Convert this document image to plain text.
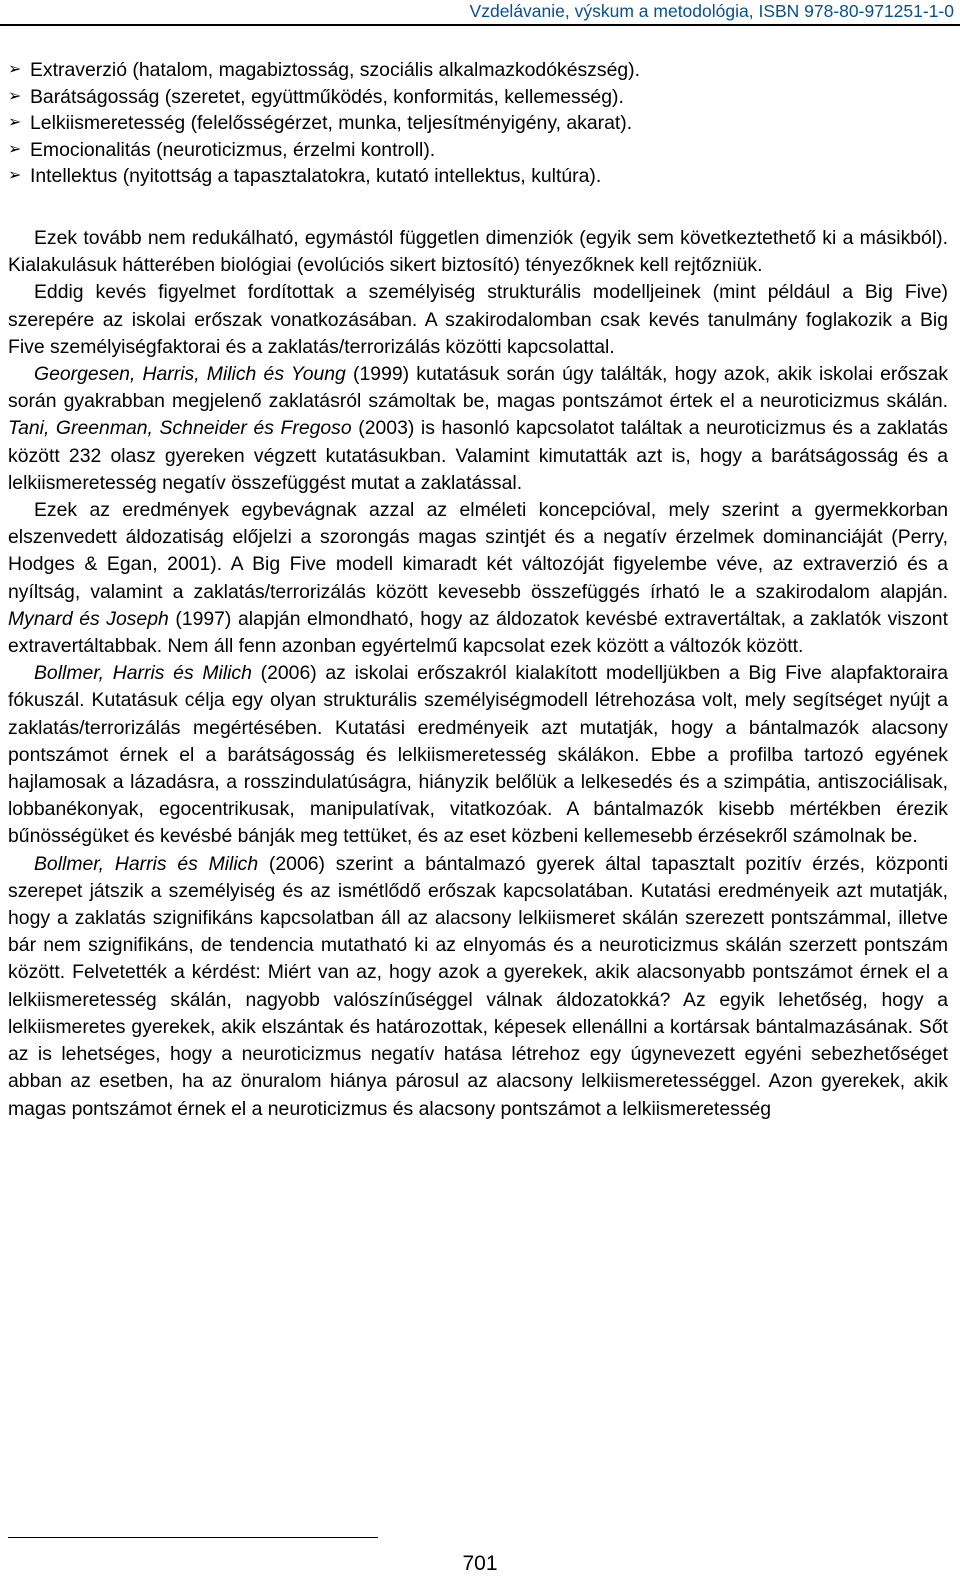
Vzdelávanie, výskum a metodológia, ISBN 978-80-971251-1-0
➢ Extraverzió (hatalom, magabiztosság, szociális alkalmazkodókészség).
➢ Barátságosság (szeretet, együttműködés, konformitás, kellemesség).
➢ Lelkiismeretesség (felelősségérzet, munka, teljesítményigény, akarat).
➢ Emocionalitás (neuroticizmus, érzelmi kontroll).
➢ Intellektus (nyitottság a tapasztalatokra, kutató intellektus, kultúra).

Ezek tovább nem redukálható, egymástól független dimenziók (egyik sem következtethető ki a másikból). Kialakulásuk hátterében biológiai (evolúciós sikert biztosító) tényezőknek kell rejtőzniük.

Eddig kevés figyelmet fordítottak a személyiség strukturális modelljeinek (mint például a Big Five) szerepére az iskolai erőszak vonatkozásában. A szakirodalomban csak kevés tanulmány foglakozik a Big Five személyiségfaktorai és a zaklatás/terrorizálás közötti kapcsolattal.

Georgesen, Harris, Milich és Young (1999) kutatásuk során úgy találták, hogy azok, akik iskolai erőszak során gyakrabban megjelenő zaklatásról számoltak be, magas pontszámot értek el a neuroticizmus skálán. Tani, Greenman, Schneider és Fregoso (2003) is hasonló kapcsolatot találtak a neuroticizmus és a zaklatás között 232 olasz gyereken végzett kutatásukban. Valamint kimutatták azt is, hogy a barátságosság és a lelkiismeretesség negatív összefüggést mutat a zaklatással.

Ezek az eredmények egybevágnak azzal az elméleti koncepcióval, mely szerint a gyermekkorban elszenvedett áldozatiság előjelzi a szorongás magas szintjét és a negatív érzelmek dominanciáját (Perry, Hodges & Egan, 2001). A Big Five modell kimaradt két változóját figyelembe véve, az extraverzió és a nyíltság, valamint a zaklatás/terrorizálás között kevesebb összefüggés írható le a szakirodalom alapján. Mynard és Joseph (1997) alapján elmondható, hogy az áldozatok kevésbé extravertáltak, a zaklatók viszont extravertáltabbak. Nem áll fenn azonban egyértelmű kapcsolat ezek között a változók között.

Bollmer, Harris és Milich (2006) az iskolai erőszakról kialakított modelljükben a Big Five alapfaktoraira fókuszál. Kutatásuk célja egy olyan strukturális személyiségmodell létrehozása volt, mely segítséget nyújt a zaklatás/terrorizálás megértésében. Kutatási eredményeik azt mutatják, hogy a bántalmazók alacsony pontszámot érnek el a barátságosság és lelkiismeretesség skálákon. Ebbe a profilba tartozó egyének hajlamosak a lázadásra, a rosszindulatúságra, hiányzik belőlük a lelkesedés és a szimpátia, antiszociálisak, lobbanékonyak, egocentrikusak, manipulatívak, vitatkozóak. A bántalmazók kisebb mértékben érezik bűnösségüket és kevésbé bánják meg tettüket, és az eset közbeni kellemesebb érzésekről számolnak be.

Bollmer, Harris és Milich (2006) szerint a bántalmazó gyerek által tapasztalt pozitív érzés, központi szerepet játszik a személyiség és az ismétlődő erőszak kapcsolatában. Kutatási eredményeik azt mutatják, hogy a zaklatás szignifikáns kapcsolatban áll az alacsony lelkiismeret skálán szerezett pontszámmal, illetve bár nem szignifikáns, de tendencia mutatható ki az elnyomás és a neuroticizmus skálán szerzett pontszám között. Felvetették a kérdést: Miért van az, hogy azok a gyerekek, akik alacsonyabb pontszámot érnek el a lelkiismeretesség skálán, nagyobb valószínűséggel válnak áldozatokká? Az egyik lehetőség, hogy a lelkiismeretes gyerekek, akik elszántak és határozottak, képesek ellenállni a kortársak bántalmazásának. Sőt az is lehetséges, hogy a neuroticizmus negatív hatása létrehoz egy úgynevezett egyéni sebezhetőséget abban az esetben, ha az önuralom hiánya párosul az alacsony lelkiismeretességgel. Azon gyerekek, akik magas pontszámot érnek el a neuroticizmus és alacsony pontszámot a lelkiismeretesség

701
